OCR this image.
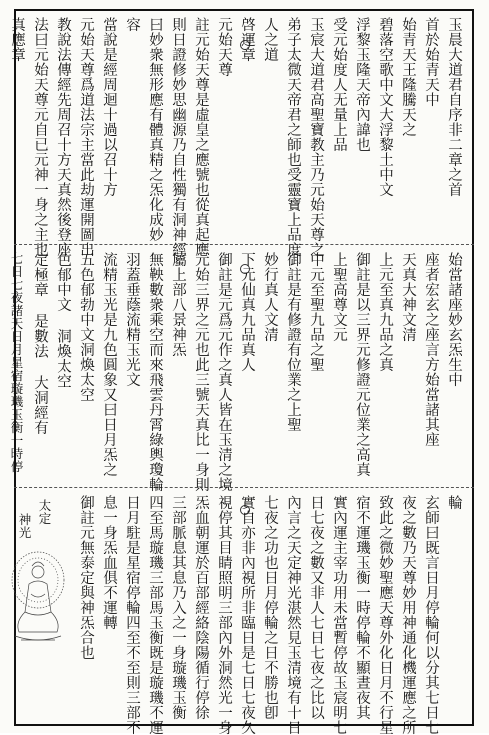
玉晨大道君自序非二章之首
首於始青天中
始青天王隆騰天之
碧落空歌中文大浮黎土中文
浮黎玉隆天帝內諱也
受元始度人无量上品
玉宸大道君高聖寶教主乃元始天尊之
弟子太微天帝君之師也受靈寶上品度
人之道
啓運章
元始天尊
註元始天尊是虛皇之應號也從真起應
則日證修妙思幽源乃自性獨有洞神經
曰妙衆無形應有體真精之炁化成妙
容
當說是經周迴十過以召十方
元始天尊爲道法宗主當此劫運開圖出
教說法傳經先周召十方天真然後登座
法曰元始天尊元自已元神一身之主也
真應章
始當諸座妙玄炁生中
座者宏玄之座言方始當諸其座
天真大神文清
上元至真九品之真
御註是以三界元修證元位業之高真
上聖高尊文元
中元至聖九品之聖
御註是有修證有位業之上聖
妙行真人文清
下元仙真九品真人
御註是元爲元作之真人皆在玉清之境
元始三界之元也此三號天真比一身則
屬上部八景神炁
無鞅數衆乘空而來飛雲丹霄綠輿瓊輪
羽蓋垂蔭流精玉光文
流精玉光是九色圓象又曰日月炁之
五色郁勃中文洞煥太空
色郁中文 洞煥太空
定極章 是數法 大洞經有
七日七夜諸天日月星宿璇璣玉衡一時停
輪
玄師曰既言日月停輪何以分其七日七
夜之數乃天尊妙用神通化機運應之所
致此之微妙聖應天尊外化日月不行星
宿不運璣玉衡一時停輪不顯晝夜其
實內運主宰功用未當暫停故玉宸明七
日七夜之數又非人七日七夜之比以
內言之天定神光湛然見玉清境有十日
七夜之功也日月停輪之日不勝也卽
實自亦非內視所非臨日是七日七夜久
視停其目睛照明三部內外洞然光一身
炁血朝運於百部經絡陰陽循行停徐
三部脈息其息乃入之一身璇璣玉衡
四至馬璇璣三部馬玉衡既是璇璣不運
日月駐是星宿停輪四至不至則三部不
息一身炁血俱不運轉
御註元無泰定與神炁合也
太定
神光
